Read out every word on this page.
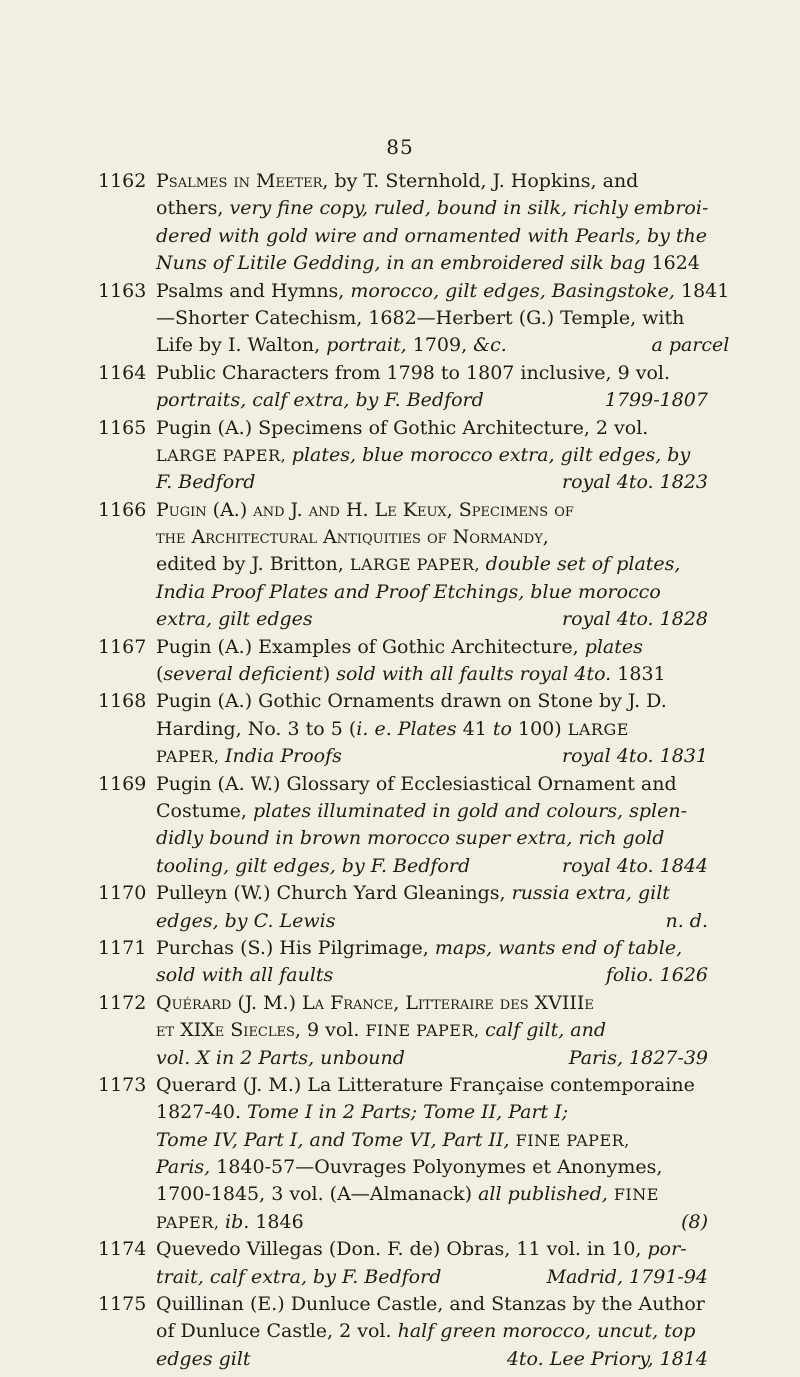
85
1162 Psalmes in Meeter, by T. Sternhold, J. Hopkins, and
others, very fine copy, ruled, bound in silk, richly embroi-
dered with gold wire and ornamented with Pearls, by the
Nuns of Litile Gedding, in an embroidered silk bag 1624
1163 Psalms and Hymns, morocco, gilt edges, Basingstoke, 1841
—Shorter Catechism, 1682—Herbert (G.) Temple, with
Life by I. Walton, portrait, 1709, &c.	a parcel
1164 Public Characters from 1798 to 1807 inclusive, 9 vol.
portraits, calf extra, by F. Bedford	1799-1807
1165 Pugin (A.) Specimens of Gothic Architecture, 2 vol.
LARGE PAPER, plates, blue morocco extra, gilt edges, by
F. Bedford	royal 4to. 1823
1166 Pugin (A.) and J. and H. Le Keux, Specimens of
the Architectural Antiquities of Normandy,
edited by J. Britton, LARGE PAPER, double set of plates,
India Proof Plates and Proof Etchings, blue morocco
extra, gilt edges	royal 4to. 1828
1167 Pugin (A.) Examples of Gothic Architecture, plates
(several deficient) sold with all faults royal 4to. 1831
1168 Pugin (A.) Gothic Ornaments drawn on Stone by J. D.
Harding, No. 3 to 5 (i. e. Plates 41 to 100) LARGE
PAPER, India Proofs	royal 4to. 1831
1169 Pugin (A. W.) Glossary of Ecclesiastical Ornament and
Costume, plates illuminated in gold and colours, splen-
didly bound in brown morocco super extra, rich gold
tooling, gilt edges, by F. Bedford	royal 4to. 1844
1170 Pulleyn (W.) Church Yard Gleanings, russia extra, gilt
edges, by C. Lewis	n. d.
1171 Purchas (S.) His Pilgrimage, maps, wants end of table,
sold with all faults	folio. 1626
1172 Quérard (J. M.) La France, Litteraire des XVIIIe
et XIXe Siecles, 9 vol. FINE PAPER, calf gilt, and
vol. X in 2 Parts, unbound	Paris, 1827-39
1173 Querard (J. M.) La Litterature Française contemporaine
1827-40. Tome I in 2 Parts; Tome II, Part I;
Tome IV, Part I, and Tome VI, Part II, FINE PAPER,
Paris, 1840-57—Ouvrages Polyonymes et Anonymes,
1700-1845, 3 vol. (A—Almanack) all published, FINE
PAPER, ib. 1846	(8)
1174 Quevedo Villegas (Don. F. de) Obras, 11 vol. in 10, por-
trait, calf extra, by F. Bedford	Madrid, 1791-94
1175 Quillinan (E.) Dunluce Castle, and Stanzas by the Author
of Dunluce Castle, 2 vol. half green morocco, uncut, top
edges gilt	4to. Lee Priory, 1814
